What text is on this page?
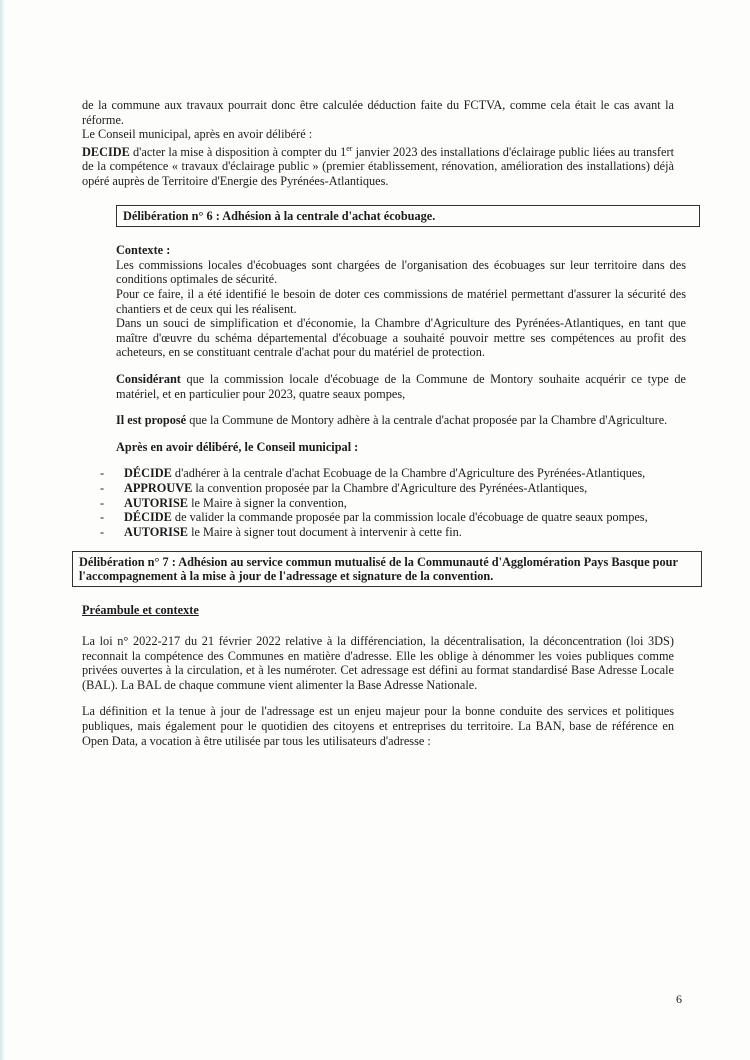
de la commune aux travaux pourrait donc être calculée déduction faite du FCTVA, comme cela était le cas avant la réforme.

Le Conseil municipal, après en avoir délibéré :

DECIDE d'acter la mise à disposition à compter du 1er janvier 2023 des installations d'éclairage public liées au transfert de la compétence « travaux d'éclairage public » (premier établissement, rénovation, amélioration des installations) déjà opéré auprès de Territoire d'Energie des Pyrénées-Atlantiques.

Délibération n° 6 : Adhésion à la centrale d'achat écobuage.

Contexte :

Les commissions locales d'écobuages sont chargées de l'organisation des écobuages sur leur territoire dans des conditions optimales de sécurité.

Pour ce faire, il a été identifié le besoin de doter ces commissions de matériel permettant d'assurer la sécurité des chantiers et de ceux qui les réalisent.

Dans un souci de simplification et d'économie, la Chambre d'Agriculture des Pyrénées-Atlantiques, en tant que maître d'œuvre du schéma départemental d'écobuage a souhaité pouvoir mettre ses compétences au profit des acheteurs, en se constituant centrale d'achat pour du matériel de protection.

Considérant que la commission locale d'écobuage de la Commune de Montory souhaite acquérir ce type de matériel, et en particulier pour 2023, quatre seaux pompes,

Il est proposé que la Commune de Montory adhère à la centrale d'achat proposée par la Chambre d'Agriculture.

Après en avoir délibéré, le Conseil municipal :

- DÉCIDE d'adhérer à la centrale d'achat Ecobuage de la Chambre d'Agriculture des Pyrénées-Atlantiques,
- APPROUVE la convention proposée par la Chambre d'Agriculture des Pyrénées-Atlantiques,
- AUTORISE le Maire à signer la convention,
- DÉCIDE de valider la commande proposée par la commission locale d'écobuage de quatre seaux pompes,
- AUTORISE le Maire à signer tout document à intervenir à cette fin.
Délibération n° 7 : Adhésion au service commun mutualisé de la Communauté d'Agglomération Pays Basque pour l'accompagnement à la mise à jour de l'adressage et signature de la convention.

Préambule et contexte

La loi n° 2022-217 du 21 février 2022 relative à la différenciation, la décentralisation, la déconcentration (loi 3DS) reconnait la compétence des Communes en matière d'adresse. Elle les oblige à dénommer les voies publiques comme privées ouvertes à la circulation, et à les numéroter. Cet adressage est défini au format standardisé Base Adresse Locale (BAL). La BAL de chaque commune vient alimenter la Base Adresse Nationale.

La définition et la tenue à jour de l'adressage est un enjeu majeur pour la bonne conduite des services et politiques publiques, mais également pour le quotidien des citoyens et entreprises du territoire. La BAN, base de référence en Open Data, a vocation à être utilisée par tous les utilisateurs d'adresse :

6
